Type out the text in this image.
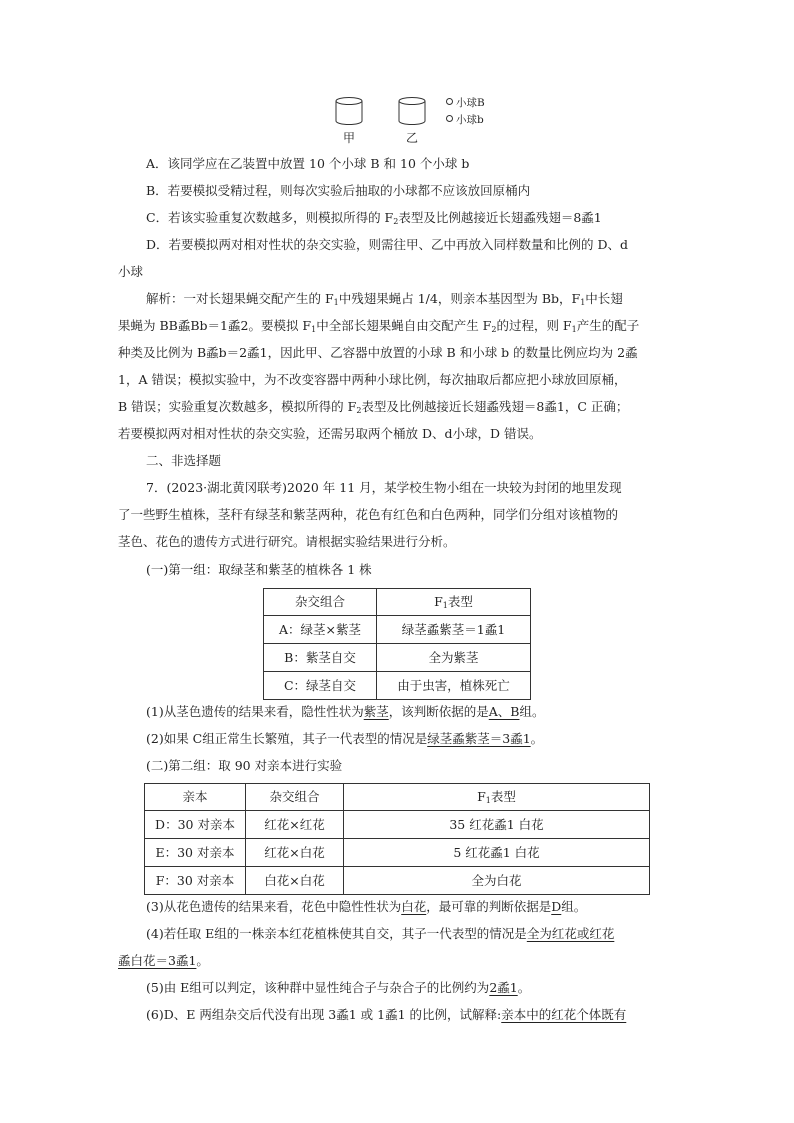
甲	乙
小球B
小球b
A．该同学应在乙装置中放置 10 个小球 B 和 10 个小球 b
B．若要模拟受精过程，则每次实验后抽取的小球都不应该放回原桶内
C．若该实验重复次数越多，则模拟所得的 $F_2$表型及比例越接近长翅蟊残翅＝8蟊1
D．若要模拟两对相对性状的杂交实验，则需往甲、乙中再放入同样数量和比例的 D、d
小球
解析：一对长翅果蝇交配产生的 $F_1$中残翅果蝇占 1/4，则亲本基因型为 Bb，$F_1$中长翅
果蝇为 BB蟊Bb＝1蟊2。要模拟 $F_1$中全部长翅果蝇自由交配产生 $F_2$的过程，则 $F_1$产生的配子
种类及比例为 B蟊b＝2蟊1，因此甲、乙容器中放置的小球 B 和小球 b 的数量比例应均为 2蟊
1，A 错误；模拟实验中，为不改变容器中两种小球比例，每次抽取后都应把小球放回原桶，
B 错误；实验重复次数越多，模拟所得的 $F_2$表型及比例越接近长翅蟊残翅＝8蟊1，C 正确；
若要模拟两对相对性状的杂交实验，还需另取两个桶放 D、d小球，D 错误。
二、非选择题
7．(2023·湖北黄冈联考)2020 年 11 月，某学校生物小组在一块较为封闭的地里发现
了一些野生植株，茎秆有绿茎和紫茎两种，花色有红色和白色两种，同学们分组对该植物的
茎色、花色的遗传方式进行研究。请根据实验结果进行分析。
(一)第一组：取绿茎和紫茎的植株各 1 株
杂交组合	$F_1$表型
A：绿茎×紫茎	绿茎蟊紫茎＝1蟊1
B：紫茎自交	全为紫茎
C：绿茎自交	由于虫害，植株死亡
(1)从茎色遗传的结果来看，隐性性状为紫茎，该判断依据的是A、B组。
(2)如果 C组正常生长繁殖，其子一代表型的情况是绿茎蟊紫茎＝3蟊1。
(二)第二组：取 90 对亲本进行实验
亲本	杂交组合	$F_1$表型
D：30 对亲本	红花×红花	35 红花蟊1 白花
E：30 对亲本	红花×白花	5 红花蟊1 白花
F：30 对亲本	白花×白花	全为白花
(3)从花色遗传的结果来看，花色中隐性性状为白花，最可靠的判断依据是D组。
(4)若任取 E组的一株亲本红花植株使其自交，其子一代表型的情况是全为红花或红花
蟊白花＝3蟊1。
(5)由 E组可以判定，该种群中显性纯合子与杂合子的比例约为2蟊1。
(6)D、E 两组杂交后代没有出现 3蟊1 或 1蟊1 的比例，试解释:亲本中的红花个体既有
